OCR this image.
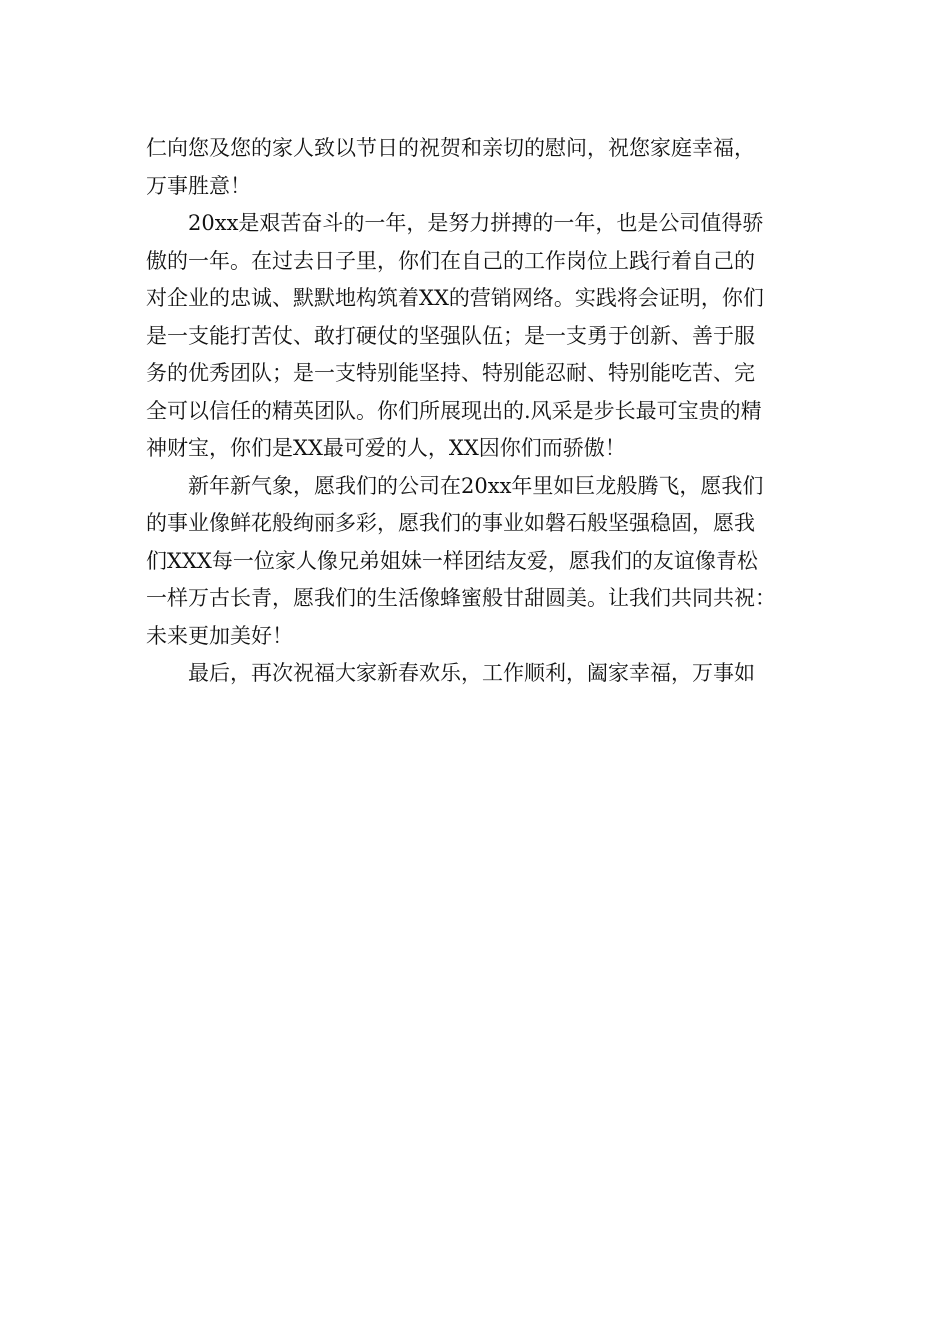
仁向您及您的家人致以节日的祝贺和亲切的慰问，祝您家庭幸福，
万事胜意！
20xx是艰苦奋斗的一年，是努力拼搏的一年，也是公司值得骄
傲的一年。在过去日子里，你们在自己的工作岗位上践行着自己的
对企业的忠诚、默默地构筑着XX的营销网络。实践将会证明，你们
是一支能打苦仗、敢打硬仗的坚强队伍；是一支勇于创新、善于服
务的优秀团队；是一支特别能坚持、特别能忍耐、特别能吃苦、完
全可以信任的精英团队。你们所展现出的.风采是步长最可宝贵的精
神财宝，你们是XX最可爱的人，XX因你们而骄傲！
新年新气象，愿我们的公司在20xx年里如巨龙般腾飞，愿我们
的事业像鲜花般绚丽多彩，愿我们的事业如磐石般坚强稳固，愿我
们XXX每一位家人像兄弟姐妹一样团结友爱，愿我们的友谊像青松
一样万古长青，愿我们的生活像蜂蜜般甘甜圆美。让我们共同共祝：
未来更加美好！
最后，再次祝福大家新春欢乐，工作顺利，阖家幸福，万事如
